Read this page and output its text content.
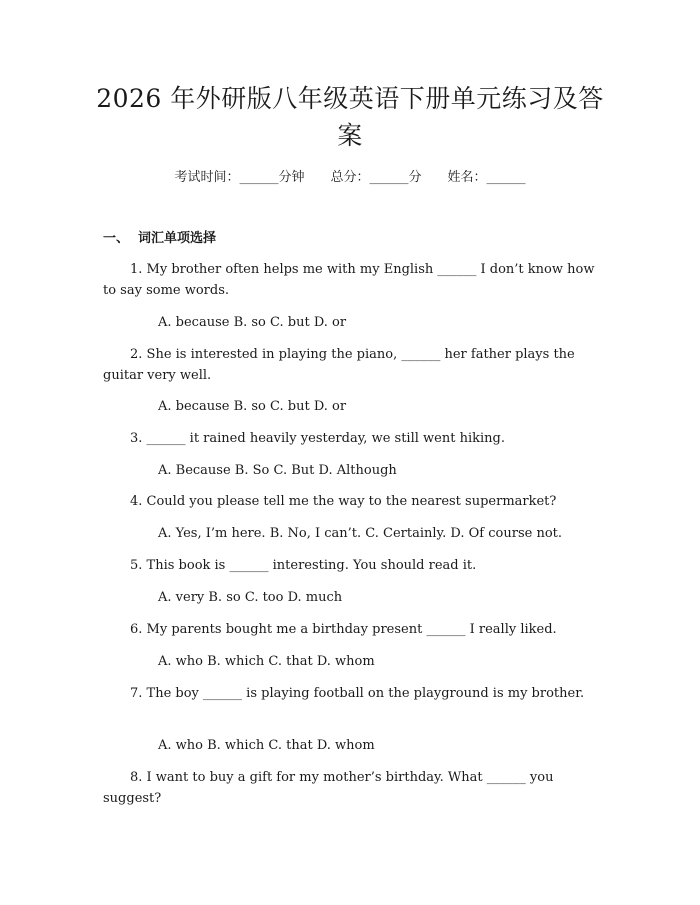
2026 年外研版八年级英语下册单元练习及答案
考试时间：______分钟 总分：______分 姓名：______
一、  词汇单项选择

1. My brother often helps me with my English ______ I don’t know how to say some words.

A. because B. so C. but D. or

2. She is interested in playing the piano, ______ her father plays the guitar very well.

A. because B. so C. but D. or

3. ______ it rained heavily yesterday, we still went hiking.

A. Because B. So C. But D. Although

4. Could you please tell me the way to the nearest supermarket?

A. Yes, I’m here. B. No, I can’t. C. Certainly. D. Of course not.

5. This book is ______ interesting. You should read it.

A. very B. so C. too D. much

6. My parents bought me a birthday present ______ I really liked.

A. who B. which C. that D. whom

7. The boy ______ is playing football on the playground is my brother.

A. who B. which C. that D. whom

8. I want to buy a gift for my mother’s birthday. What ______ you suggest?
